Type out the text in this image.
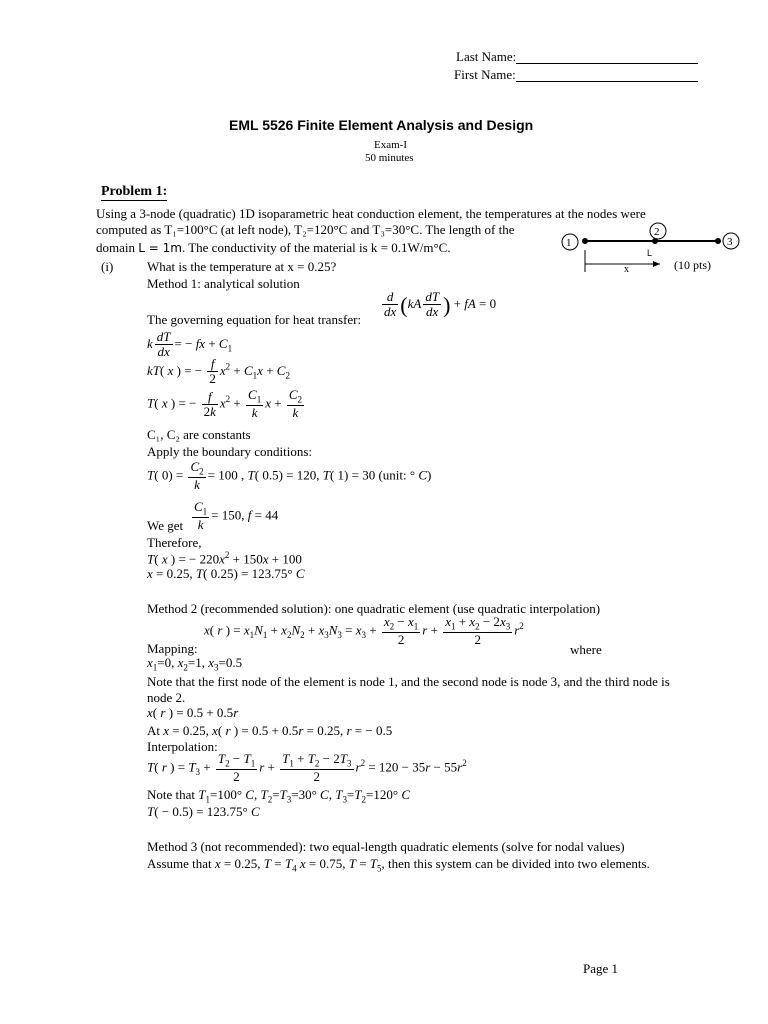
Last Name:
First Name:
EML 5526 Finite Element Analysis and Design
Exam-I
50 minutes
Problem 1:
Using a 3-node (quadratic) 1D isoparametric heat conduction element, the temperatures at the nodes were
computed as T₁=100°C (at left node), T₂=120°C and T₃=30°C. The length of the
domain L = 1m. The conductivity of the material is k = 0.1W/m°C.	1
2
3
L
x	(10 pts)
(i)	What is the temperature at x = 0.25?
Method 1: analytical solution
The governing equation for heat transfer: $\frac{d}{dx} (kA \frac{dT}{dx}$ ) + fA = 0
k $\frac{dT}{dx}$ = − fx + $C_1$
kT( x ) = − $\frac{f}{2} x^2 + C_1x + C_2$
T( x ) = − $\frac{f}{2k} x^2 + \frac{C_1}{k}$ $x + \frac{C_2}{k}$
C₁, C₂ are constants
Apply the boundary conditions:
T( $0) = \frac{C_2}{k} = 100$ , T( 0.5) = 120, T( 1) = 30 (unit: ° C)
We get $\frac{C_1}{k} = 150$, f = 44
Therefore,
T( x ) = − $220x^2 + 150x + 100$
x = 0.25, T( 0.25) = 123.75° C
Method 2 (recommended solution): one quadratic element (use quadratic interpolation)
Mapping:
x( r ) = $x_1N_1 + x_2N_2 + x_3N_3 = x_3 + \frac{x_2 - x_1}{2}$ $r + \frac{x_1 + x_2 - 2x_3}{2} r^2$
where
$x_1=0$, $x_2=1$, $x_3=0.5$
Note that the first node of the element is node 1, and the second node is node 3, and the third node is
node 2.
x( r ) = 0.5 + 0.5r
At x = 0.25, x( r ) = 0.5 + 0.5r = 0.25, r = − 0.5
Interpolation:
T( r ) = $T_3 + \frac{T_2 - T_1}{2}$ $r + \frac{T_1 + T_2 - 2T_3}{2} r^2 = 120 - 35r - 55r^2$
Note that $T_1=100^\circ$ C, $T_2=T_3=30^\circ$ C, $T_3=T_2=120^\circ$ C
T( − 0.5) = 123.75° C
Method 3 (not recommended): two equal-length quadratic elements (solve for nodal values)
Assume that x = 0.25, $T = T_4$ x = 0.75, $T = T_5$, then this system can be divided into two elements.
Page 1
